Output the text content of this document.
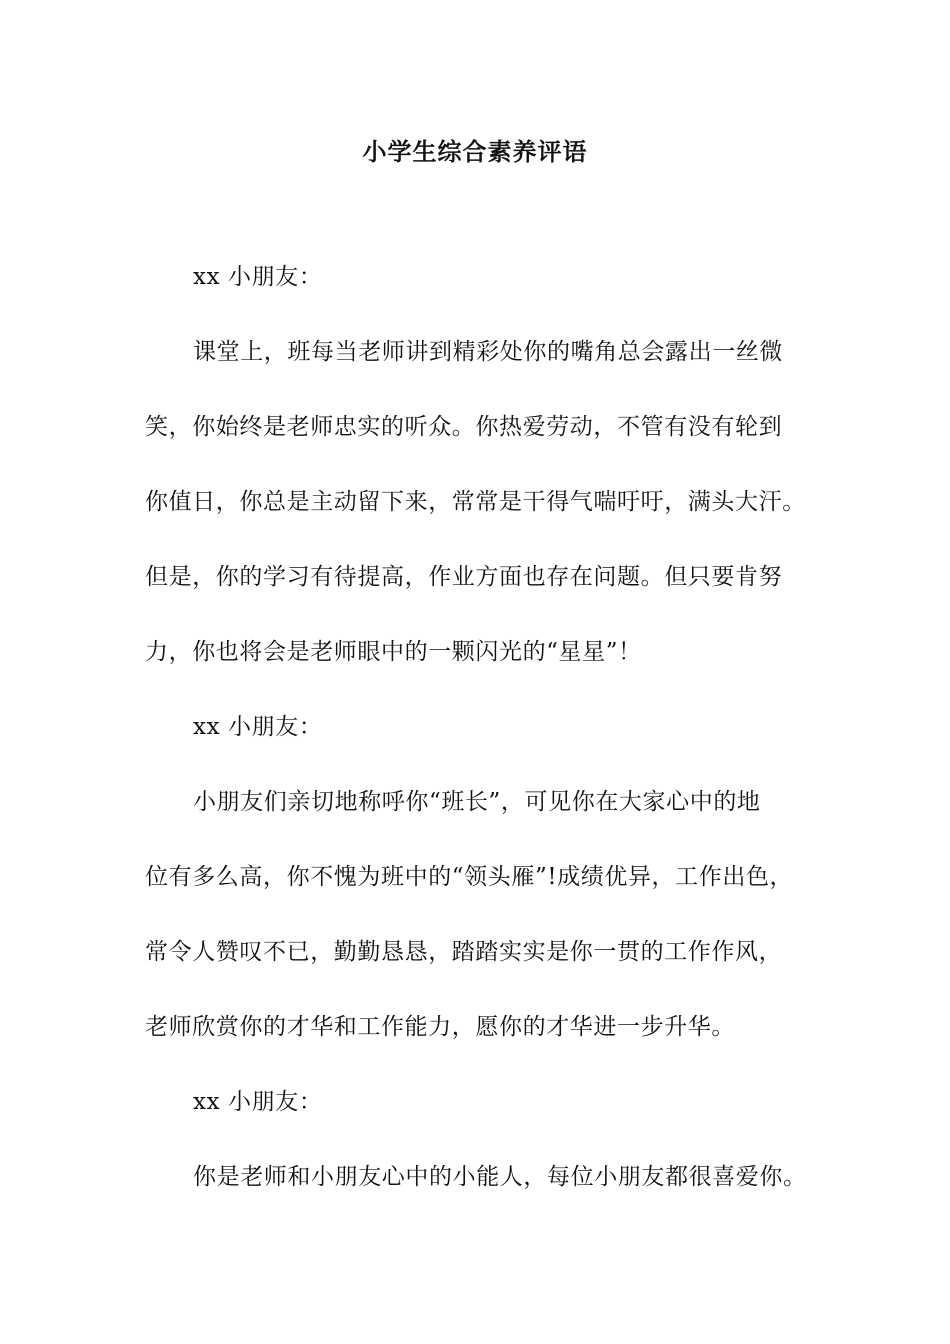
小学生综合素养评语
xx 小朋友：
课堂上，班每当老师讲到精彩处你的嘴角总会露出一丝微
笑，你始终是老师忠实的听众。你热爱劳动，不管有没有轮到
你值日，你总是主动留下来，常常是干得气喘吁吁，满头大汗。
但是，你的学习有待提高，作业方面也存在问题。但只要肯努
力，你也将会是老师眼中的一颗闪光的“星星”！
xx 小朋友：
小朋友们亲切地称呼你“班长”，可见你在大家心中的地
位有多么高，你不愧为班中的“领头雁”!成绩优异，工作出色，
常令人赞叹不已，勤勤恳恳，踏踏实实是你一贯的工作作风，
老师欣赏你的才华和工作能力，愿你的才华进一步升华。
xx 小朋友：
你是老师和小朋友心中的小能人，每位小朋友都很喜爱你。
